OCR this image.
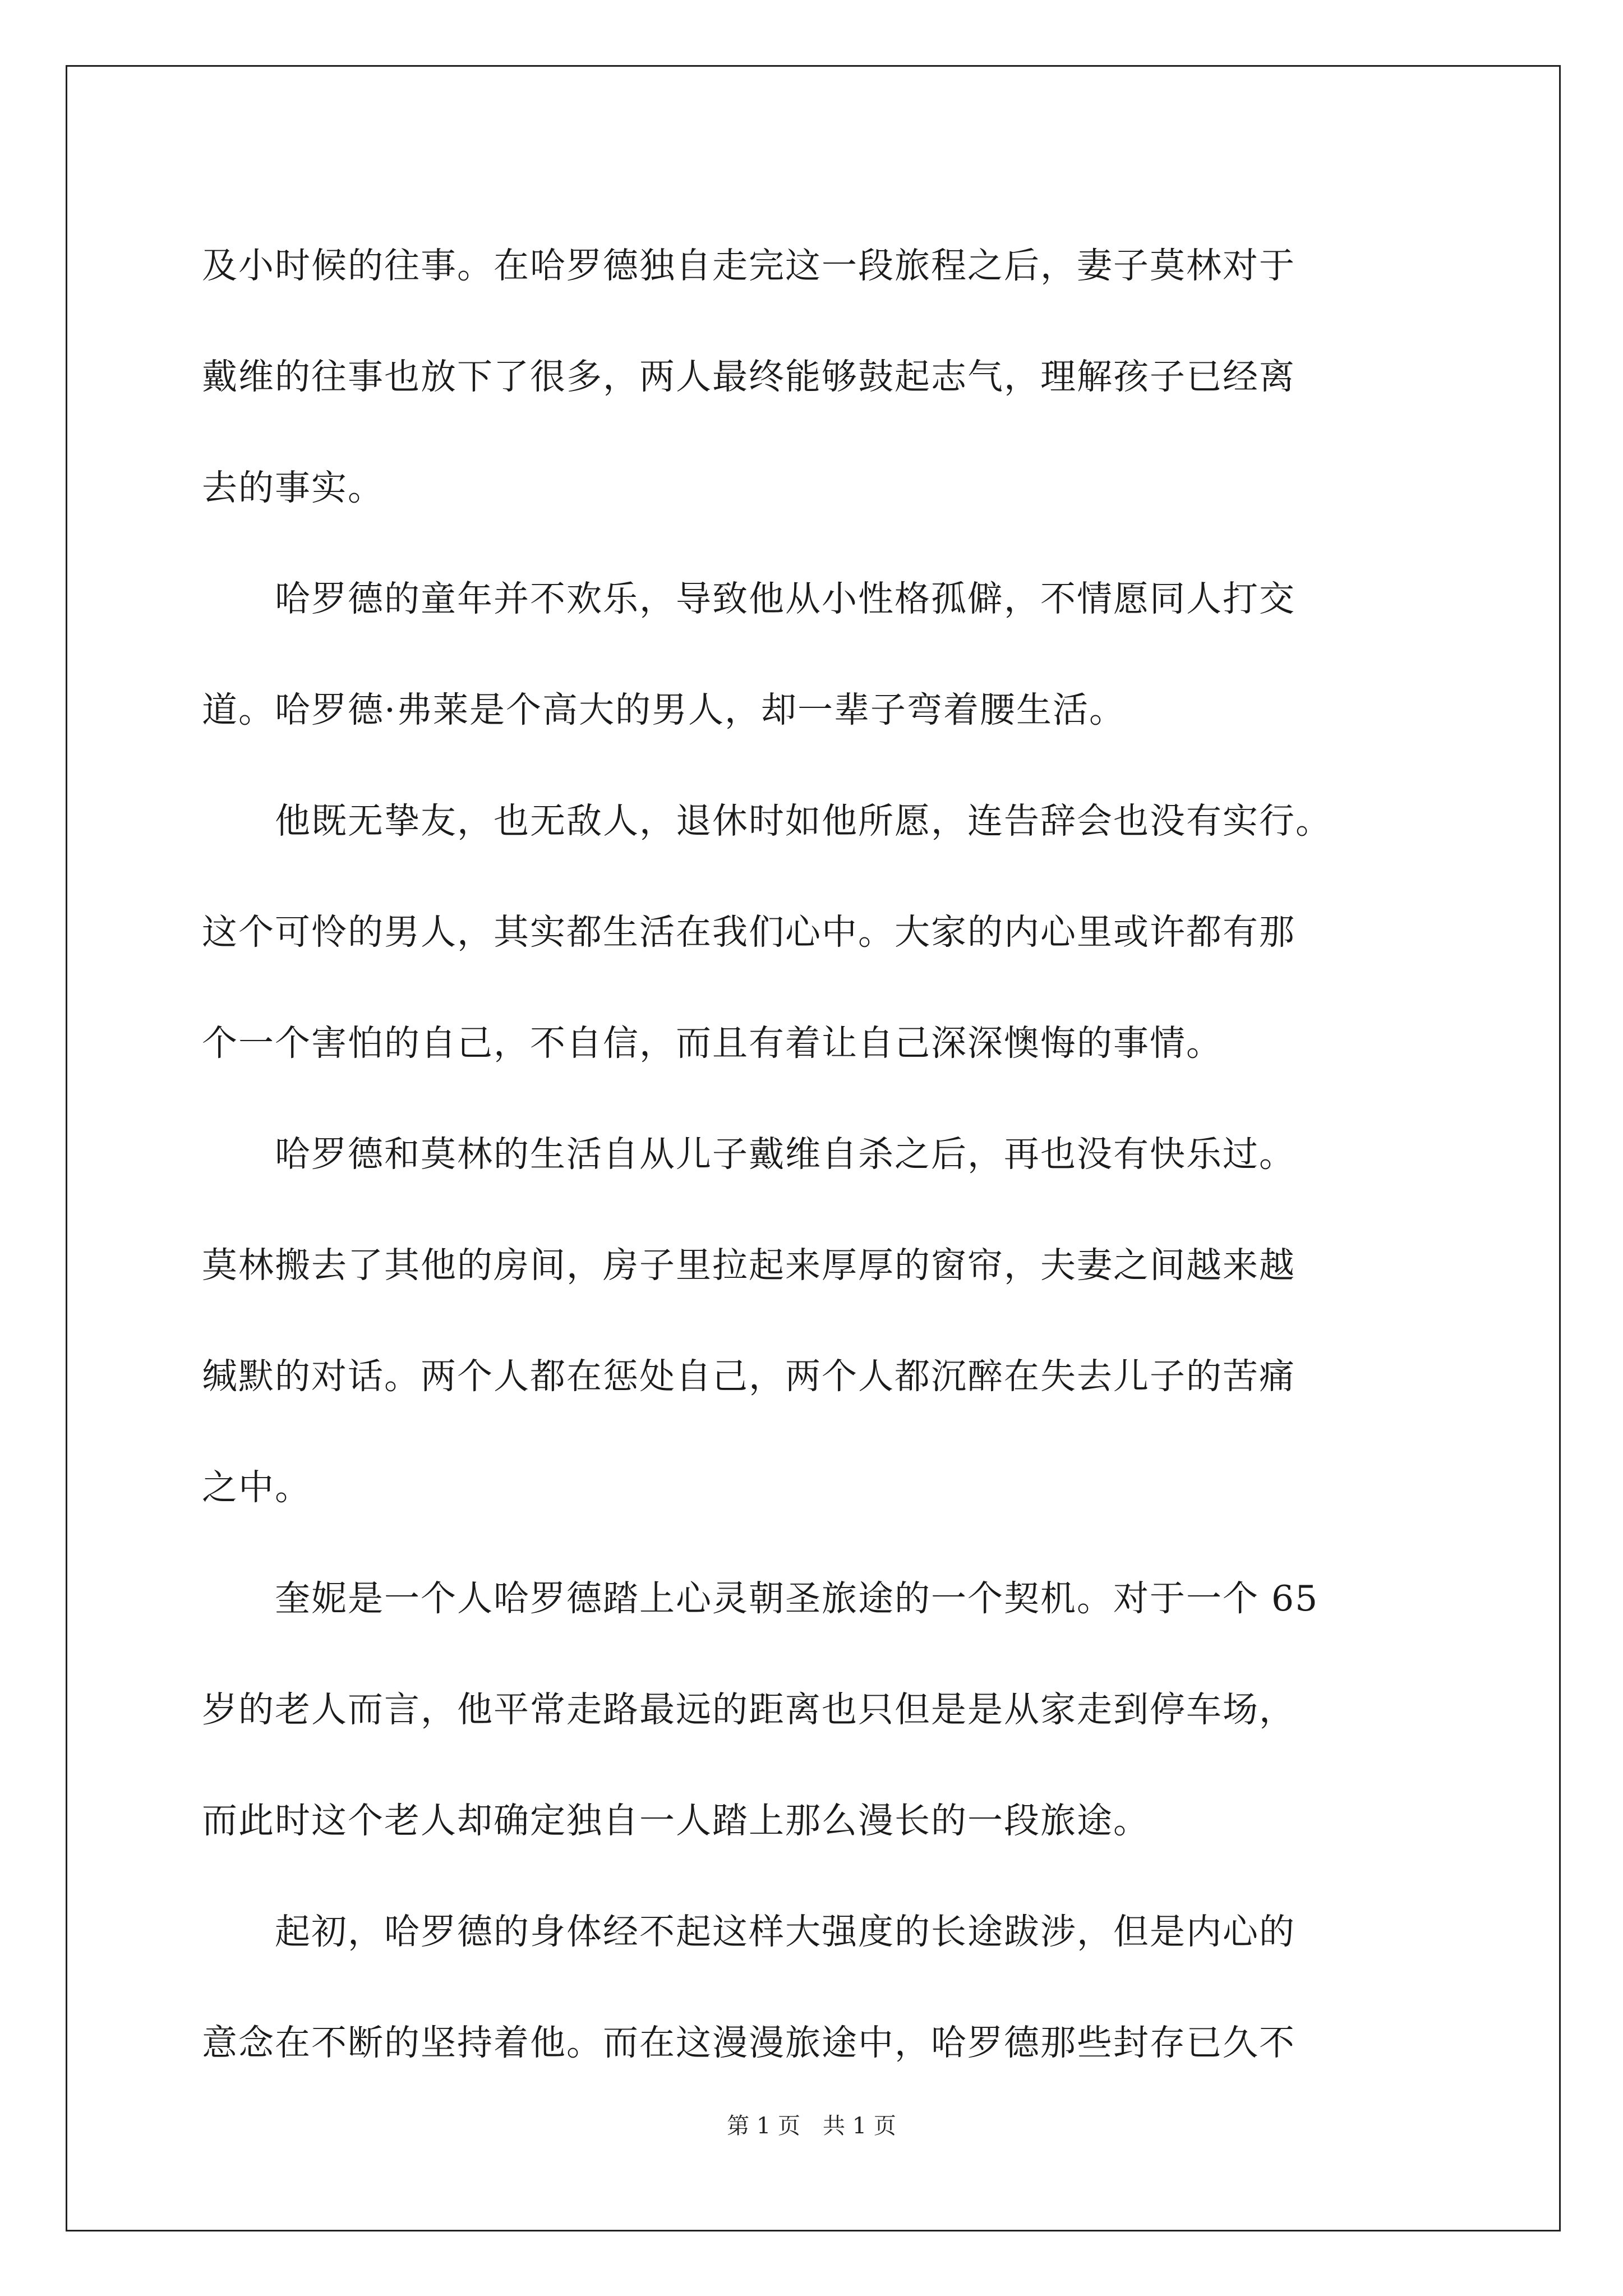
及小时候的往事。在哈罗德独自走完这一段旅程之后，妻子莫林对于
戴维的往事也放下了很多，两人最终能够鼓起志气，理解孩子已经离
去的事实。
　　哈罗德的童年并不欢乐，导致他从小性格孤僻，不情愿同人打交
道。哈罗德·弗莱是个高大的男人，却一辈子弯着腰生活。
　　他既无挚友，也无敌人，退休时如他所愿，连告辞会也没有实行。
这个可怜的男人，其实都生活在我们心中。大家的内心里或许都有那
个一个害怕的自己，不自信，而且有着让自己深深懊悔的事情。
　　哈罗德和莫林的生活自从儿子戴维自杀之后，再也没有快乐过。
莫林搬去了其他的房间，房子里拉起来厚厚的窗帘，夫妻之间越来越
缄默的对话。两个人都在惩处自己，两个人都沉醉在失去儿子的苦痛
之中。
　　奎妮是一个人哈罗德踏上心灵朝圣旅途的一个契机。对于一个 65
岁的老人而言，他平常走路最远的距离也只但是是从家走到停车场，
而此时这个老人却确定独自一人踏上那么漫长的一段旅途。
　　起初，哈罗德的身体经不起这样大强度的长途跋涉，但是内心的
意念在不断的坚持着他。而在这漫漫旅途中，哈罗德那些封存已久不
第 1 页　共 1 页
